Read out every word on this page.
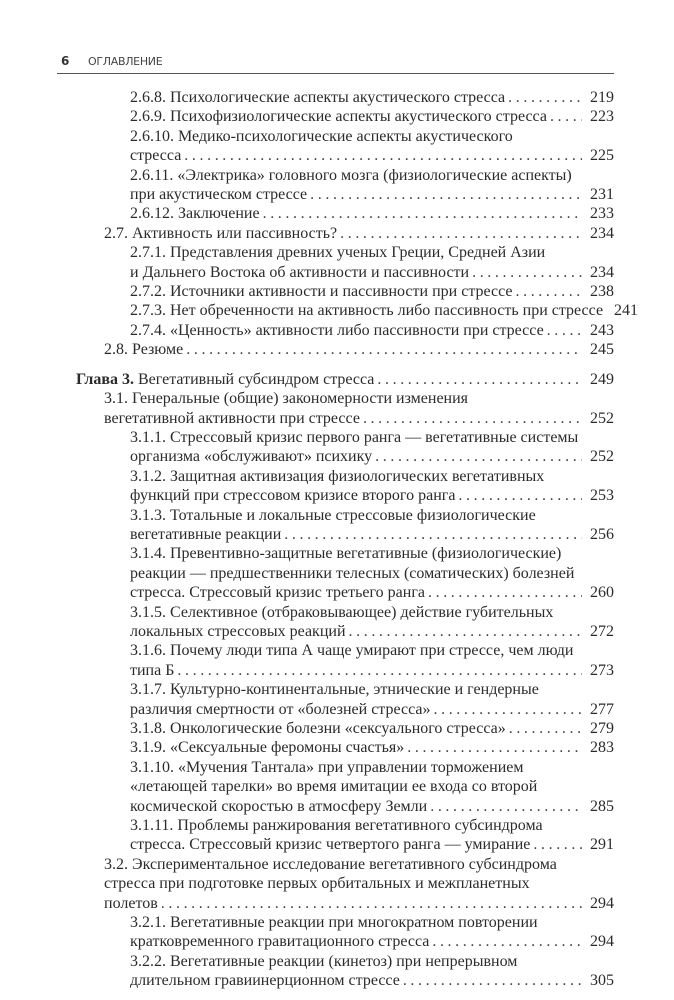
6 ОГЛАВЛЕНИЕ
2.6.8. Психологические аспекты акустического стресса .....	219
2.6.9. Психофизиологические аспекты акустического стресса .....	223
2.6.10. Медико-психологические аспекты акустического
стресса .....	225
2.6.11. «Электрика» головного мозга (физиологические аспекты)
при акустическом стрессе .....	231
2.6.12. Заключение .....	233
2.7. Активность или пассивность? .....	234
2.7.1. Представления древних ученых Греции, Средней Азии
и Дальнего Востока об активности и пассивности .....	234
2.7.2. Источники активности и пассивности при стрессе .....	238
2.7.3. Нет обреченности на активность либо пассивность при стрессе 241
2.7.4. «Ценность» активности либо пассивности при стрессе .....	243
2.8. Резюме .....	245
Глава 3.
Вегетативный субсиндром стресса .....	249
3.1. Генеральные (общие) закономерности изменения
вегетативной активности при стрессе .....	252
3.1.1. Стрессовый кризис первого ранга — вегетативные системы
организма «обслуживают» психику .....	252
3.1.2. Защитная активизация физиологических вегетативных
функций при стрессовом кризисе второго ранга .....	253
3.1.3. Тотальные и локальные стрессовые физиологические
вегетативные реакции .....	256
3.1.4. Превентивно-защитные вегетативные (физиологические)
реакции — предшественники телесных (соматических) болезней
стресса. Стрессовый кризис третьего ранга .....	260
3.1.5. Селективное (отбраковывающее) действие губительных
локальных стрессовых реакций .....	272
3.1.6. Почему люди типа А чаще умирают при стрессе, чем люди
типа Б .....	273
3.1.7. Культурно-континентальные, этнические и гендерные
различия смертности от «болезней стресса» .....	277
3.1.8. Онкологические болезни «сексуального стресса» .....	279
3.1.9. «Сексуальные феромоны счастья» .....	283
3.1.10. «Мучения Тантала» при управлении торможением
«летающей тарелки» во время имитации ее входа со второй
космической скоростью в атмосферу Земли .....	285
3.1.11. Проблемы ранжирования вегетативного субсиндрома
стресса. Стрессовый кризис четвертого ранга — умирание .....	291
3.2. Экспериментальное исследование вегетативного субсиндрома
стресса при подготовке первых орбитальных и межпланетных
полетов .....	294
3.2.1. Вегетативные реакции при многократном повторении
кратковременного гравитационного стресса .....	294
3.2.2. Вегетативные реакции (кинетоз) при непрерывном
длительном гравиинерционном стрессе .....	305
